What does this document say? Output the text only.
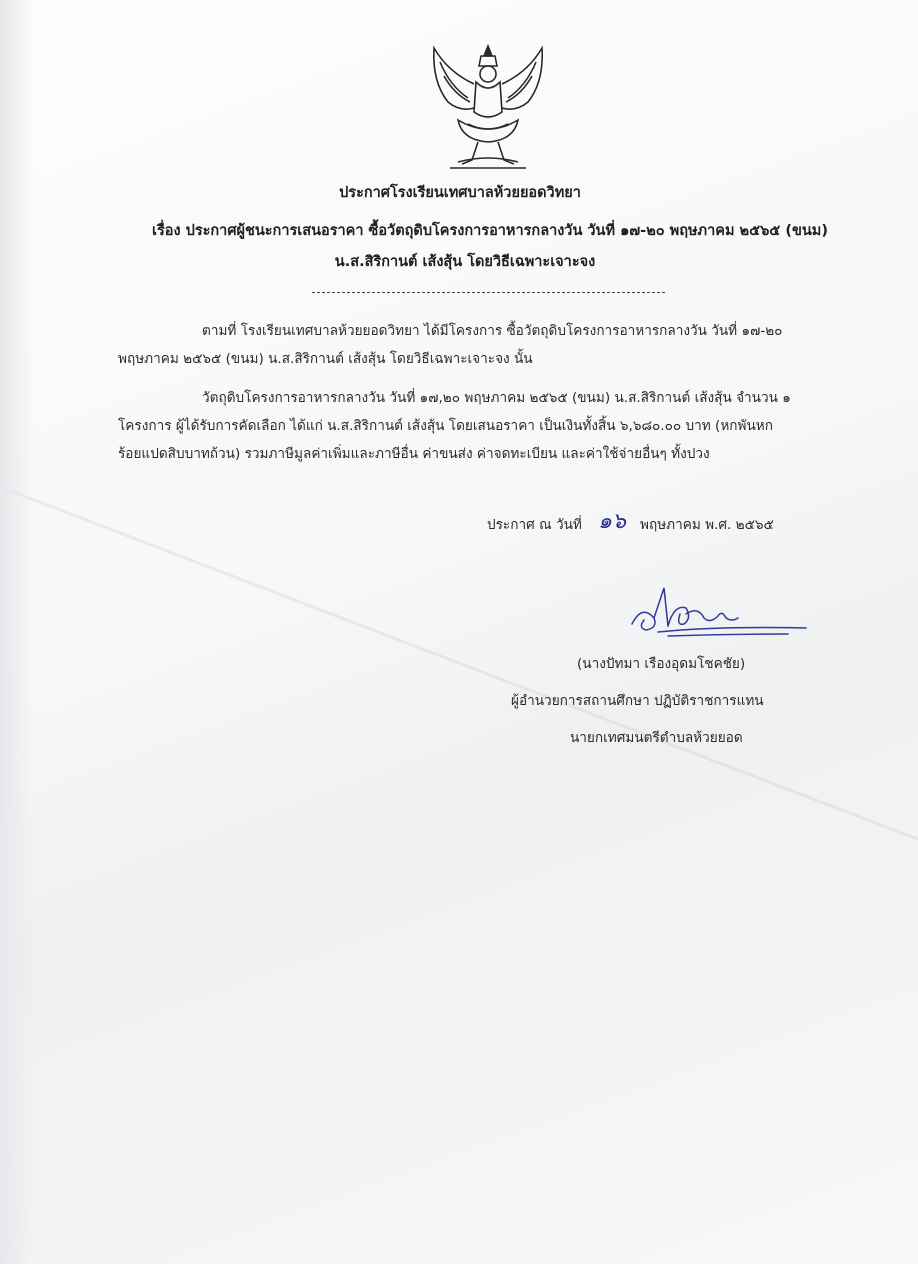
ประกาศโรงเรียนเทศบาลห้วยยอดวิทยา
เรื่อง ประกาศผู้ชนะการเสนอราคา ซื้อวัตถุดิบโครงการอาหารกลางวัน วันที่ ๑๗-๒๐ พฤษภาคม ๒๕๖๕ (ขนม)
น.ส.สิริกานต์ เส้งสุ้น โดยวิธีเฉพาะเจาะจง
ตามที่ โรงเรียนเทศบาลห้วยยอดวิทยา ได้มีโครงการ ซื้อวัตถุดิบโครงการอาหารกลางวัน วันที่ ๑๗-๒๐
พฤษภาคม ๒๕๖๕ (ขนม) น.ส.สิริกานต์ เส้งสุ้น โดยวิธีเฉพาะเจาะจง นั้น
วัตถุดิบโครงการอาหารกลางวัน วันที่ ๑๗,๒๐ พฤษภาคม ๒๕๖๕ (ขนม) น.ส.สิริกานต์ เส้งสุ้น จำนวน ๑
โครงการ ผู้ได้รับการคัดเลือก ได้แก่ น.ส.สิริกานต์ เส้งสุ้น โดยเสนอราคา เป็นเงินทั้งสิ้น ๖,๖๘๐.๐๐ บาท (หกพันหก
ร้อยแปดสิบบาทถ้วน) รวมภาษีมูลค่าเพิ่มและภาษีอื่น ค่าขนส่ง ค่าจดทะเบียน และค่าใช้จ่ายอื่นๆ ทั้งปวง
ประกาศ ณ วันที่ ๑๖ พฤษภาคม พ.ศ. ๒๕๖๕
(นางปัทมา เรืองอุดมโชคชัย)
ผู้อำนวยการสถานศึกษา ปฏิบัติราชการแทน
นายกเทศมนตรีตำบลห้วยยอด
